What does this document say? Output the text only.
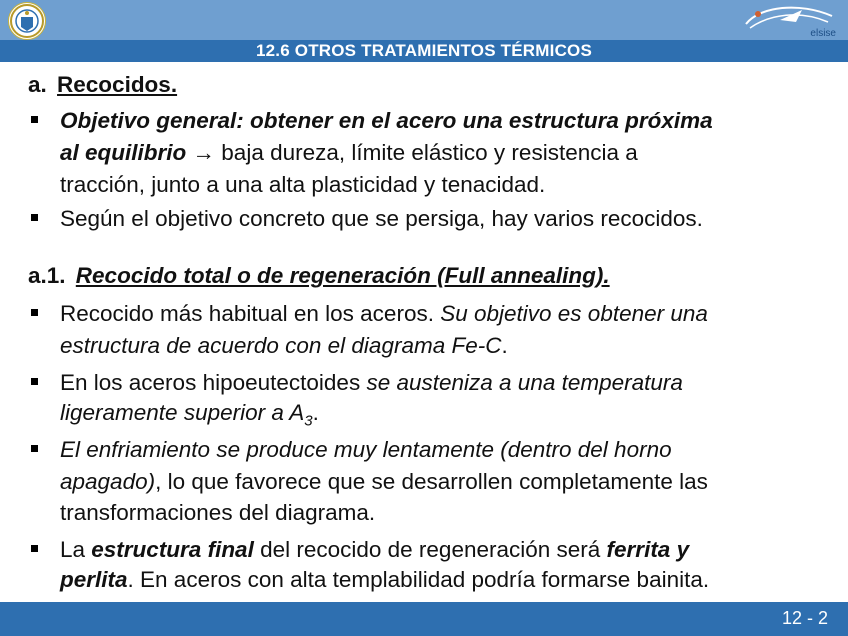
elsise
12.6 OTROS TRATAMIENTOS TÉRMICOS
a. Recocidos.
Objetivo general: obtener en el acero una estructura próxima
al equilibrio → baja dureza, límite elástico y resistencia a
tracción, junto a una alta plasticidad y tenacidad.
Según el objetivo concreto que se persiga, hay varios recocidos.
a.1. Recocido total o de regeneración (Full annealing).
Recocido más habitual en los aceros. Su objetivo es obtener una
estructura de acuerdo con el diagrama Fe-C.
En los aceros hipoeutectoides se austeniza a una temperatura
ligeramente superior a $A_3$.
El enfriamiento se produce muy lentamente (dentro del horno
apagado), lo que favorece que se desarrollen completamente las
transformaciones del diagrama.
La estructura final del recocido de regeneración será ferrita y
perlita. En aceros con alta templabilidad podría formarse bainita.
12 - 2
